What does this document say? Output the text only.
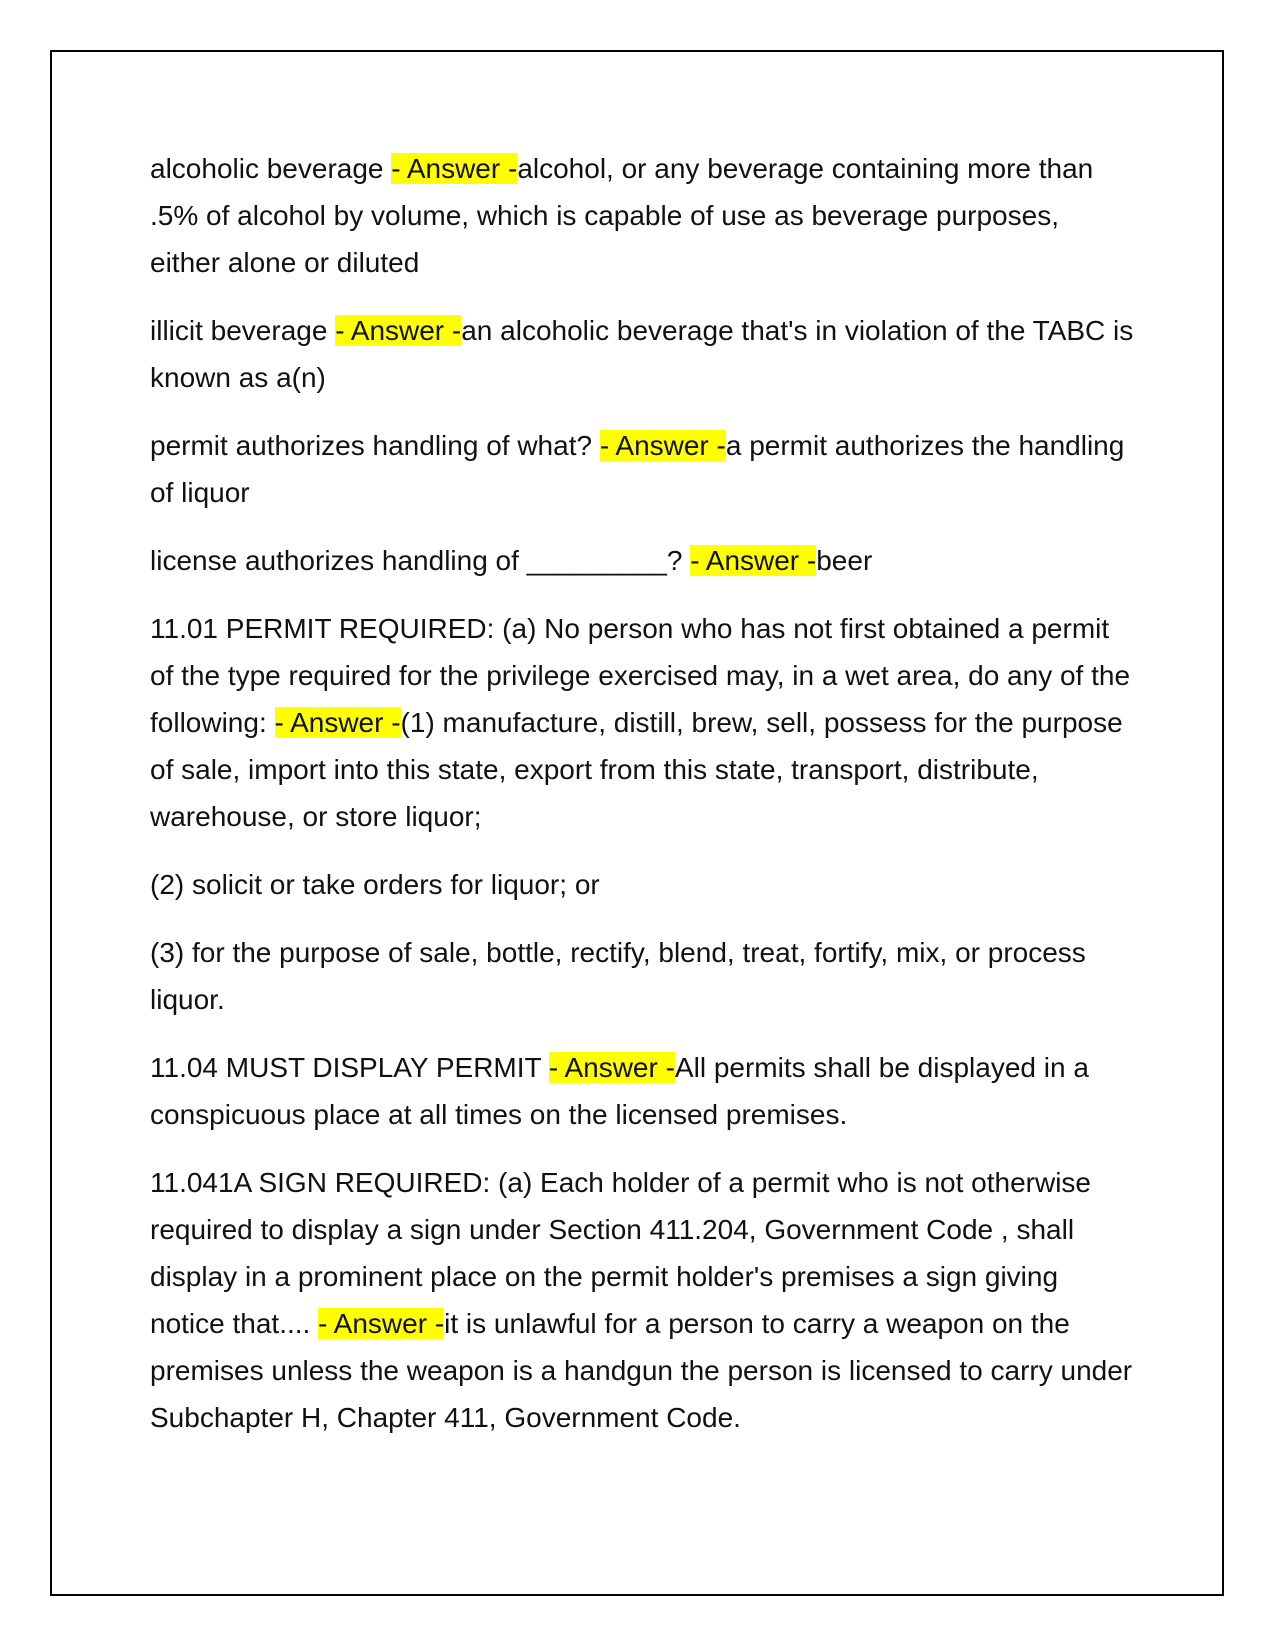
alcoholic beverage - Answer -alcohol, or any beverage containing more than .5% of alcohol by volume, which is capable of use as beverage purposes, either alone or diluted

illicit beverage - Answer -an alcoholic beverage that's in violation of the TABC is known as a(n)

permit authorizes handling of what? - Answer -a permit authorizes the handling of liquor

license authorizes handling of _________? - Answer -beer

11.01 PERMIT REQUIRED: (a) No person who has not first obtained a permit of the type required for the privilege exercised may, in a wet area, do any of the following: - Answer -(1) manufacture, distill, brew, sell, possess for the purpose of sale, import into this state, export from this state, transport, distribute, warehouse, or store liquor;

(2) solicit or take orders for liquor; or

(3) for the purpose of sale, bottle, rectify, blend, treat, fortify, mix, or process liquor.

11.04 MUST DISPLAY PERMIT - Answer -All permits shall be displayed in a conspicuous place at all times on the licensed premises.

11.041A SIGN REQUIRED: (a) Each holder of a permit who is not otherwise required to display a sign under Section 411.204, Government Code , shall display in a prominent place on the permit holder's premises a sign giving notice that.... - Answer -it is unlawful for a person to carry a weapon on the premises unless the weapon is a handgun the person is licensed to carry under Subchapter H, Chapter 411, Government Code.
